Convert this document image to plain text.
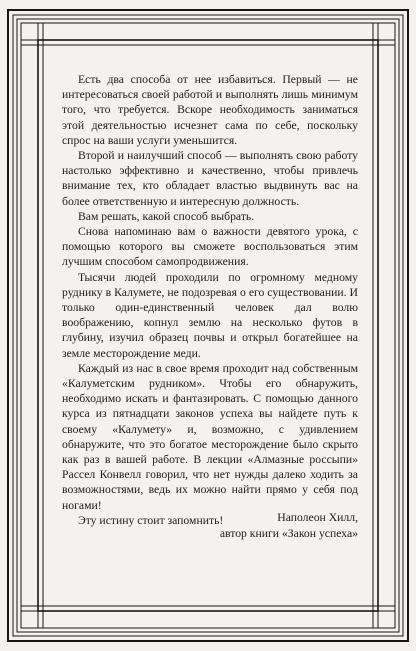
Есть два способа от нее избавиться. Первый — не интересоваться своей работой и выполнять лишь минимум того, что требуется. Вскоре необходимость заниматься этой деятельностью исчезнет сама по себе, поскольку спрос на ваши услуги уменьшится.

Второй и наилучший способ — выполнять свою работу настолько эффективно и качественно, чтобы привлечь внимание тех, кто обладает властью выдвинуть вас на более ответственную и интересную должность.

Вам решать, какой способ выбрать.

Снова напоминаю вам о важности девятого урока, с помощью которого вы сможете воспользоваться этим лучшим способом самопродвижения.

Тысячи людей проходили по огромному медному руднику в Калумете, не подозревая о его существовании. И только один-единственный человек дал волю воображению, копнул землю на несколько футов в глубину, изучил образец почвы и открыл богатейшее на земле месторождение меди.

Каждый из нас в свое время проходит над собственным «Калуметским рудником». Чтобы его обнаружить, необходимо искать и фантазировать. С помощью данного курса из пятнадцати законов успеха вы найдете путь к своему «Калумету» и, возможно, с удивлением обнаружите, что это богатое месторождение было скрыто как раз в вашей работе. В лекции «Алмазные россыпи» Рассел Конвелл говорил, что нет нужды далеко ходить за возможностями, ведь их можно найти прямо у себя под ногами!

Эту истину стоит запомнить!	Наполеон Хилл,
автор книги «Закон успеха»
